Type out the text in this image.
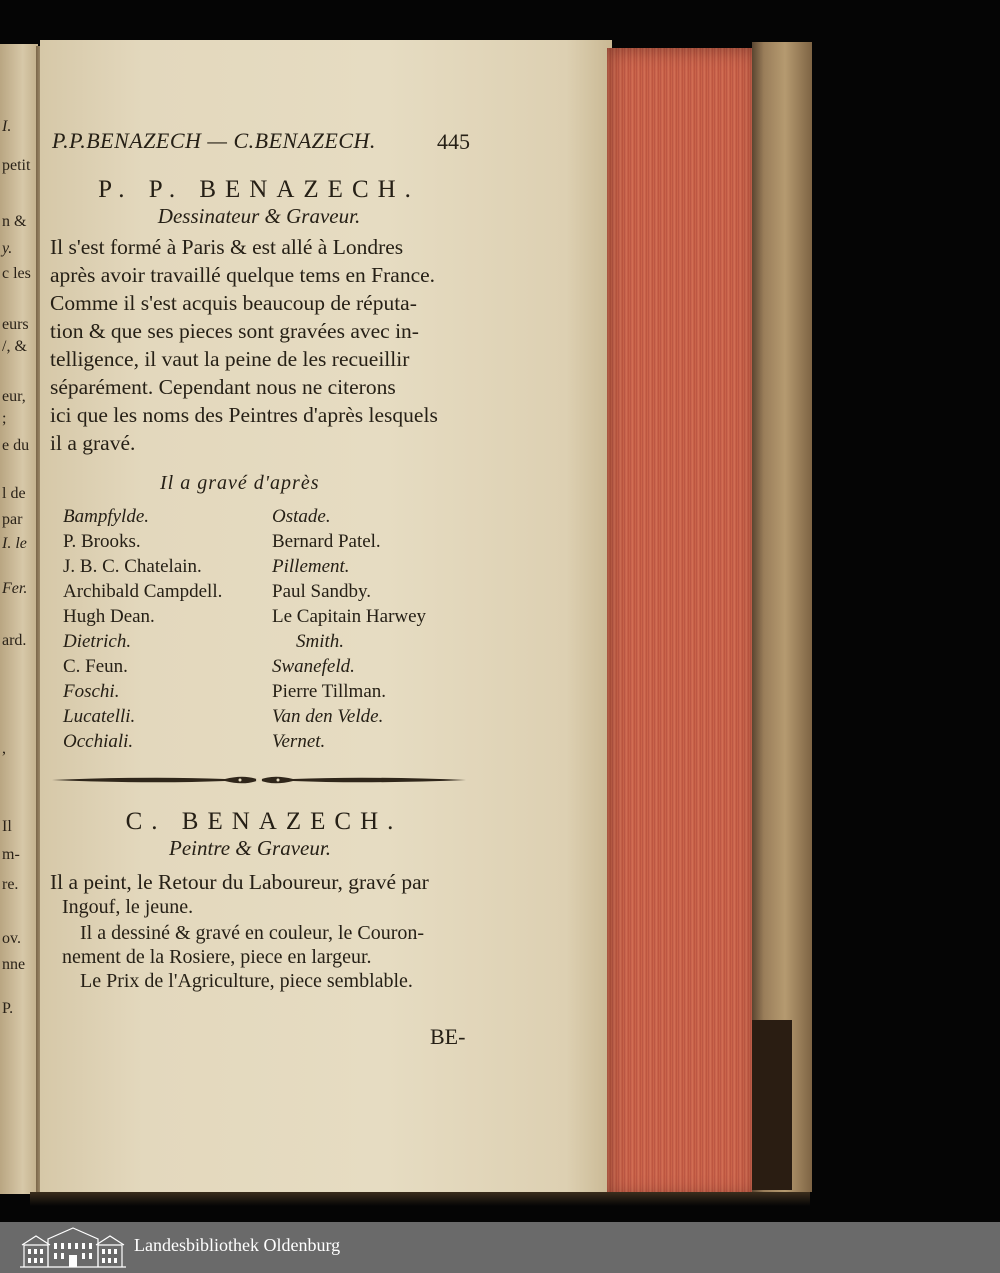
I.
petit
n &
y.
c les
eurs
/, &
eur,
;
e du
l de
par
I. le
Fer.
ard.
,
Il
m-
re.
ov.
nne
P.
P.P.BENAZECH — C.BENAZECH.	445
P. P. BENAZECH.
Dessinateur & Graveur.
Il s'est formé à Paris & est allé à Londres
après avoir travaillé quelque tems en France.
Comme il s'est acquis beaucoup de réputa-
tion & que ses pieces sont gravées avec in-
telligence, il vaut la peine de les recueillir
séparément. Cependant nous ne citerons
ici que les noms des Peintres d'après lesquels
il a gravé.
Il a gravé d'après
Bampfylde.
P. Brooks.
J. B. C. Chatelain.
Archibald Campdell.
Hugh Dean.
Dietrich.
C. Feun.
Foschi.
Lucatelli.
Occhiali.
Ostade.
Bernard Patel.
Pillement.
Paul Sandby.
Le Capitain Harwey
Smith.
Swanefeld.
Pierre Tillman.
Van den Velde.
Vernet.
C. BENAZECH.
Peintre & Graveur.
Il a peint, le Retour du Laboureur, gravé par
Ingouf, le jeune.
Il a dessiné & gravé en couleur, le Couron-
nement de la Rosiere, piece en largeur.
Le Prix de l'Agriculture, piece semblable.
BE-
Landesbibliothek Oldenburg
